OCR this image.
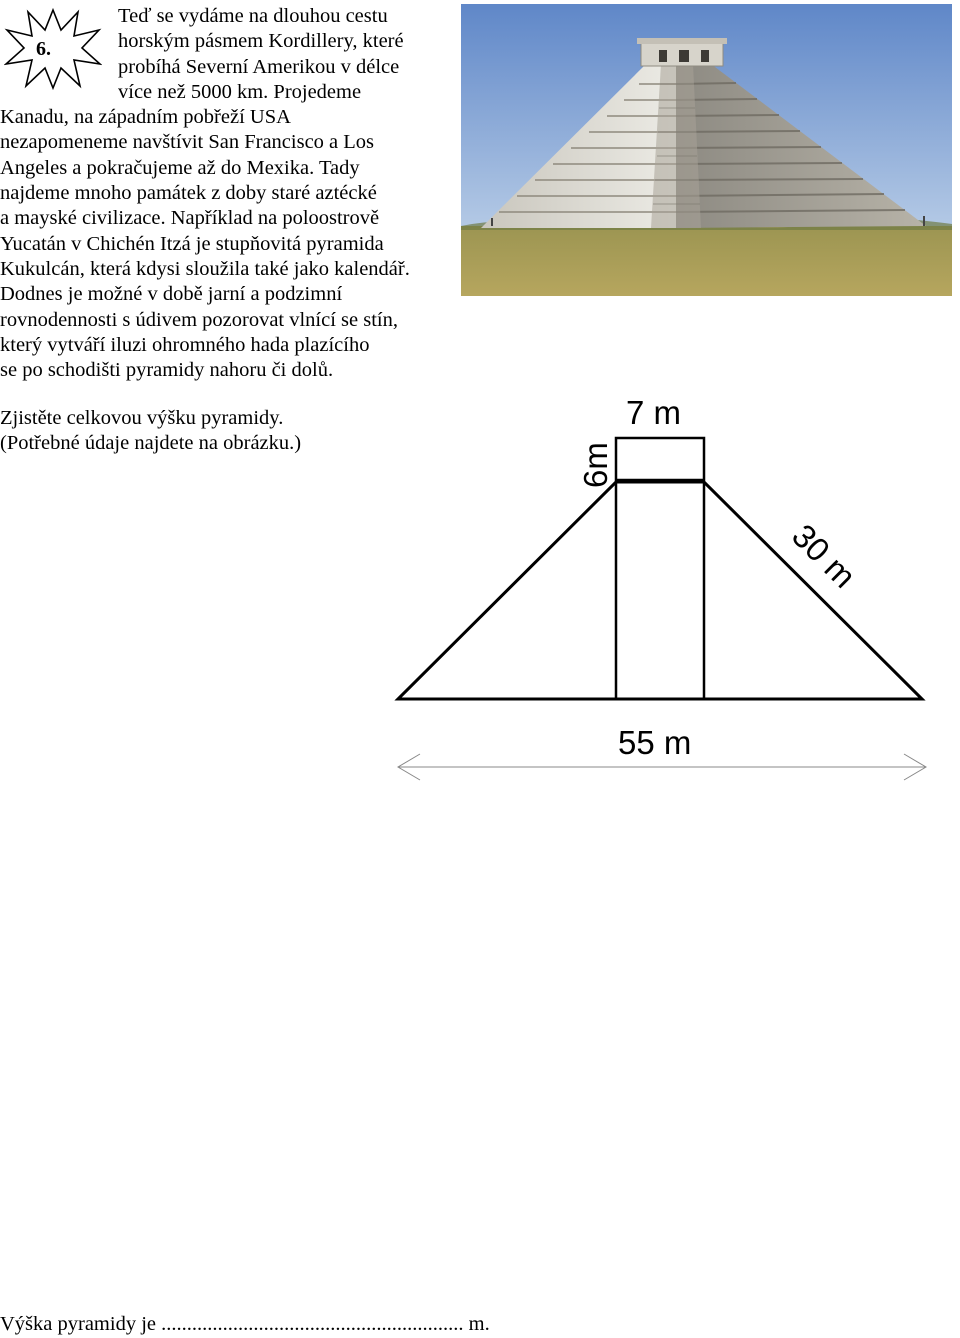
6.
Teď se vydáme na dlouhou cestu
horským pásmem Kordillery, které
probíhá Severní Amerikou v délce
více než 5000 km. Projedeme
Kanadu, na západním pobřeží USA
nezapomeneme navštívit San Francisco a Los
Angeles a pokračujeme až do Mexika. Tady
najdeme mnoho památek z doby staré aztécké
a mayské civilizace. Například na poloostrově
Yucatán v Chichén Itzá je stupňovitá pyramida
Kukulcán, která kdysi sloužila také jako kalendář.
Dodnes je možné v době jarní a podzimní
rovnodennosti s údivem pozorovat vlnící se stín,
který vytváří iluzi ohromného hada plazícího
se po schodišti pyramidy nahoru či dolů.
Zjistěte celkovou výšku pyramidy.
(Potřebné údaje najdete na obrázku.)
7 m
6m
30 m
55 m
Výška pyramidy je ........................................................... m.
